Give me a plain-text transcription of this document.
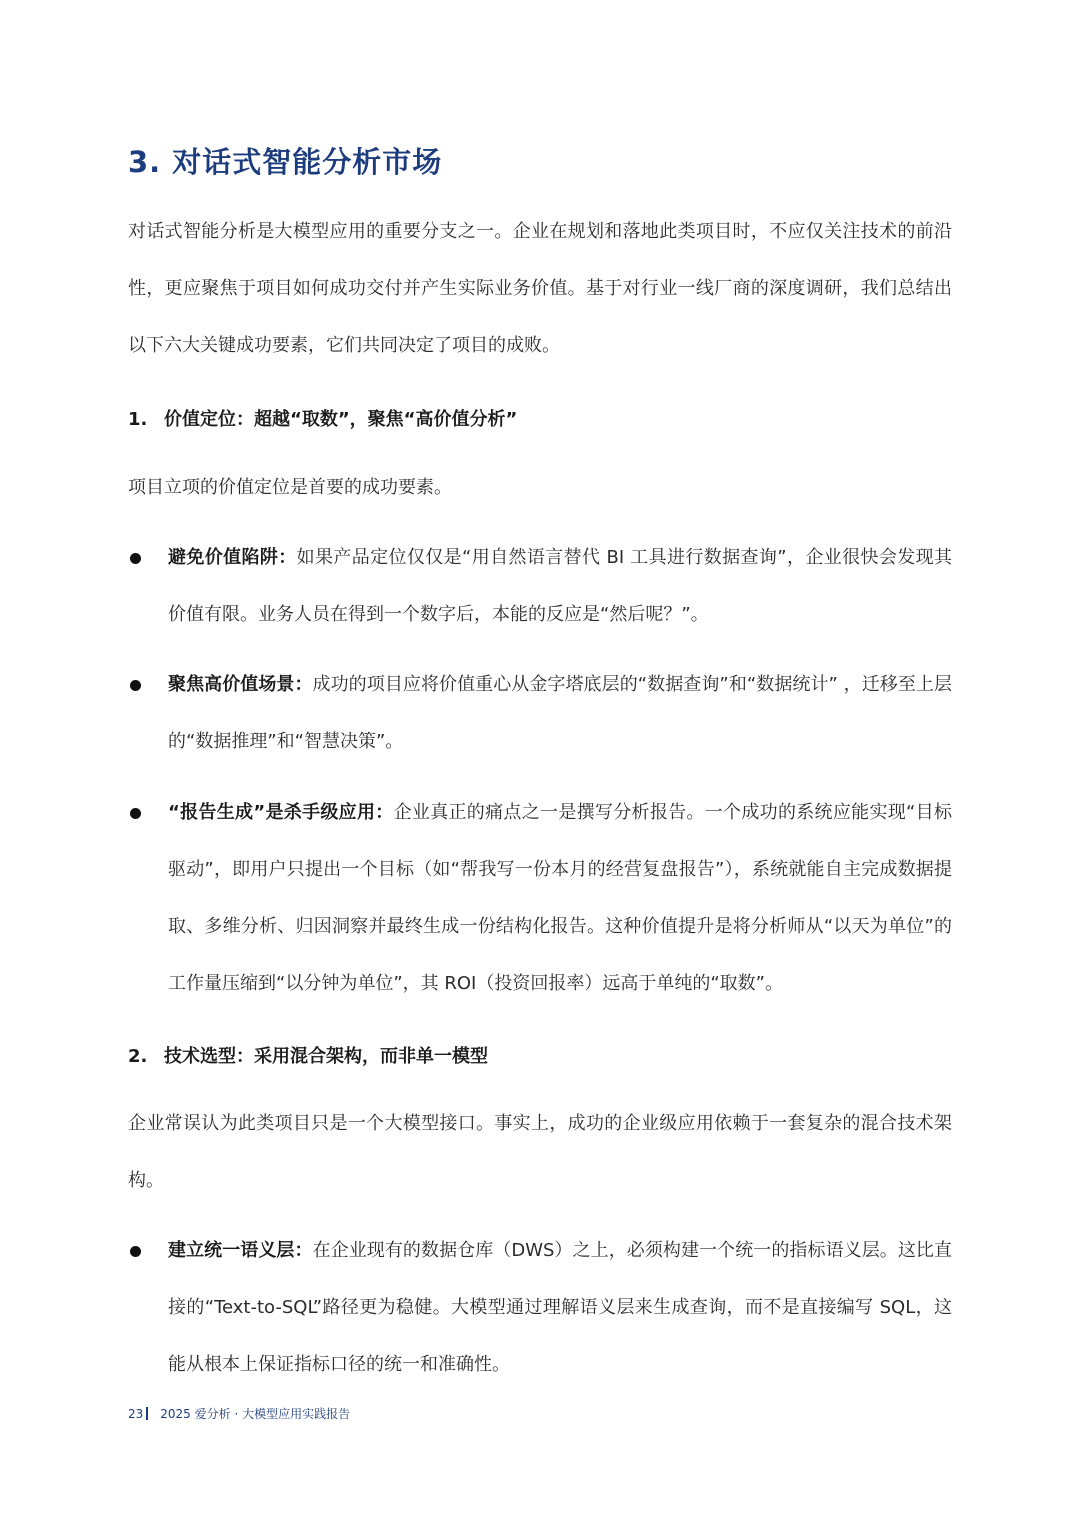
3. 对话式智能分析市场

对话式智能分析是大模型应用的重要分支之一。企业在规划和落地此类项目时，不应仅关注技术的前沿性，更应聚焦于项目如何成功交付并产生实际业务价值。基于对行业一线厂商的深度调研，我们总结出以下六大关键成功要素，它们共同决定了项目的成败。

1. 价值定位：超越“取数”，聚焦“高价值分析”

项目立项的价值定位是首要的成功要素。

避免价值陷阱：如果产品定位仅仅是“用自然语言替代 BI 工具进行数据查询”，企业很快会发现其价值有限。业务人员在得到一个数字后，本能的反应是“然后呢？”。

聚焦高价值场景：成功的项目应将价值重心从金字塔底层的“数据查询”和“数据统计” ，迁移至上层的“数据推理”和“智慧决策”。

“报告生成”是杀手级应用：企业真正的痛点之一是撰写分析报告。一个成功的系统应能实现“目标驱动”，即用户只提出一个目标（如“帮我写一份本月的经营复盘报告”），系统就能自主完成数据提取、多维分析、归因洞察并最终生成一份结构化报告。这种价值提升是将分析师从“以天为单位”的工作量压缩到“以分钟为单位”，其 ROI（投资回报率）远高于单纯的“取数”。

2. 技术选型：采用混合架构，而非单一模型

企业常误认为此类项目只是一个大模型接口。事实上，成功的企业级应用依赖于一套复杂的混合技术架构。

建立统一语义层：在企业现有的数据仓库（DWS）之上，必须构建一个统一的指标语义层。这比直接的“Text-to-SQL”路径更为稳健。大模型通过理解语义层来生成查询，而不是直接编写 SQL，这能从根本上保证指标口径的统一和准确性。

23 2025 爱分析 · 大模型应用实践报告
